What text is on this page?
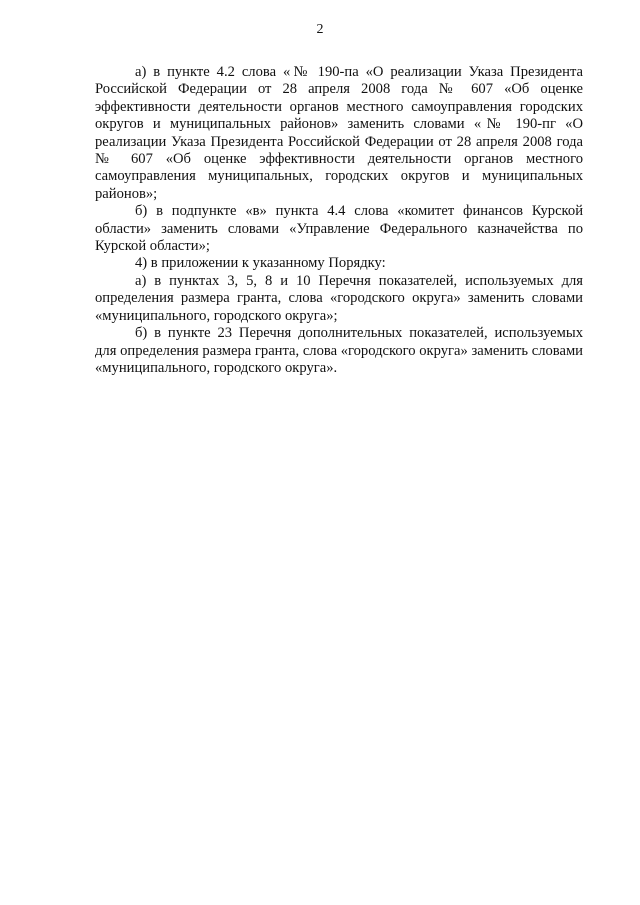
2

а) в пункте 4.2 слова «№ 190-па «О реализации Указа Президента Российской Федерации от 28 апреля 2008 года № 607 «Об оценке эффективности деятельности органов местного самоуправления городских округов и муниципальных районов» заменить словами «№ 190-пг «О реализации Указа Президента Российской Федерации от 28 апреля 2008 года № 607 «Об оценке эффективности деятельности органов местного самоуправления муниципальных, городских округов и муниципальных районов»;

б) в подпункте «в» пункта 4.4 слова «комитет финансов Курской области» заменить словами «Управление Федерального казначейства по Курской области»;

4) в приложении к указанному Порядку:

а) в пунктах 3, 5, 8 и 10 Перечня показателей, используемых для определения размера гранта, слова «городского округа» заменить словами «муниципального, городского округа»;

б) в пункте 23 Перечня дополнительных показателей, используемых для определения размера гранта, слова «городского округа» заменить словами «муниципального, городского округа».
